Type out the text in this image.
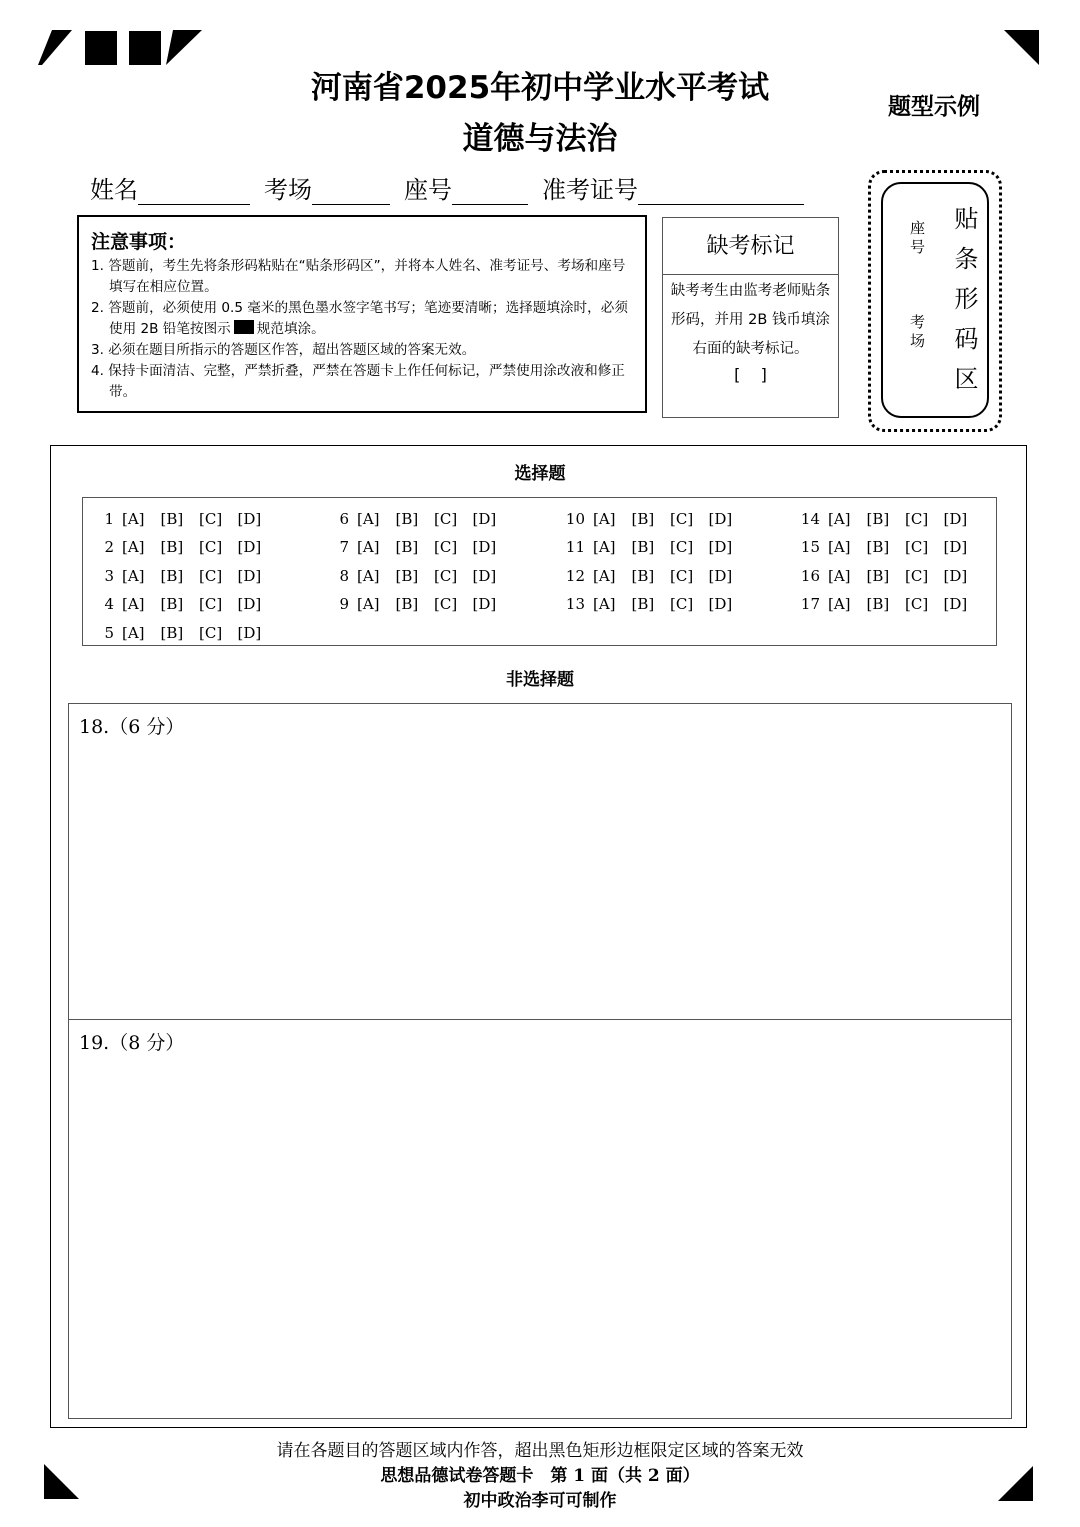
河南省2025年初中学业水平考试
道德与法治
题型示例
姓名	考场	座号	准考证号
注意事项：
1. 答题前，考生先将条形码粘贴在“贴条形码区”，并将本人姓名、准考证号、考场和座号填写在相应位置。
2. 答题前，必须使用 0.5 毫米的黑色墨水签字笔书写；笔迹要清晰；选择题填涂时，必须使用 2B 铅笔按图示 规范填涂。
3. 必须在题目所指示的答题区作答，超出答题区域的答案无效。
4. 保持卡面清洁、完整，严禁折叠，严禁在答题卡上作任何标记，严禁使用涂改液和修正带。
缺考标记
缺考考生由监考老师贴条形码，并用 2B 钱币填涂右面的缺考标记。
[    ]	贴条形码区
考场
座号
选择题
1 [A] [B] [C] [D]
2 [A] [B] [C] [D]
3 [A] [B] [C] [D]
4 [A] [B] [C] [D]
5 [A] [B] [C] [D]
6 [A] [B] [C] [D]
7 [A] [B] [C] [D]
8 [A] [B] [C] [D]
9 [A] [B] [C] [D]
10 [A] [B] [C] [D]
11 [A] [B] [C] [D]
12 [A] [B] [C] [D]
13 [A] [B] [C] [D]
14 [A] [B] [C] [D]
15 [A] [B] [C] [D]
16 [A] [B] [C] [D]
17 [A] [B] [C] [D]
非选择题
18.（6 分）
19.（8 分）
请在各题目的答题区域内作答，超出黑色矩形边框限定区域的答案无效
思想品德试卷答题卡　第 1 面（共 2 面）
初中政治李可可制作
